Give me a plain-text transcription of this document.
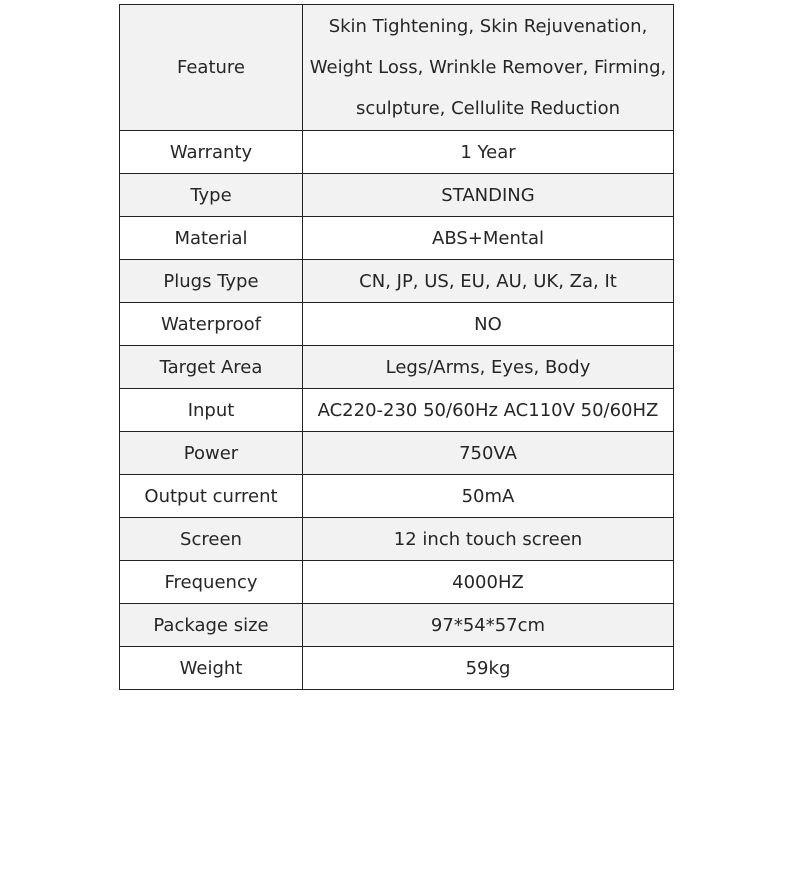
Feature	Skin Tightening, Skin Rejuvenation, Weight Loss, Wrinkle Remover, Firming, sculpture, Cellulite Reduction
Warranty	1 Year
Type	STANDING
Material	ABS+Mental
Plugs Type	CN, JP, US, EU, AU, UK, Za, It
Waterproof	NO
Target Area	Legs/Arms, Eyes, Body
Input	AC220-230 50/60Hz AC110V 50/60HZ
Power	750VA
Output current	50mA
Screen	12 inch touch screen
Frequency	4000HZ
Package size	97*54*57cm
Weight	59kg
